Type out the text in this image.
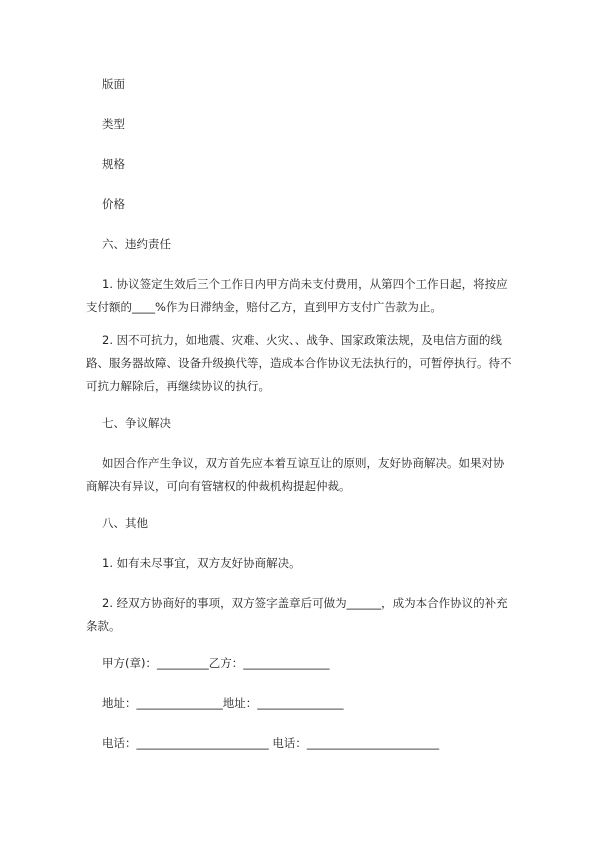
版面
类型
规格
价格
六、违约责任
1. 协议签定生效后三个工作日内甲方尚未支付费用，从第四个工作日起，将按应
支付额的____%作为日滞纳金，赔付乙方，直到甲方支付广告款为止。
2. 因不可抗力，如地震、灾难、火灾、、战争、国家政策法规，及电信方面的线
路、服务器故障、设备升级换代等，造成本合作协议无法执行的，可暂停执行。待不
可抗力解除后，再继续协议的执行。
七、争议解决
如因合作产生争议，双方首先应本着互谅互让的原则，友好协商解决。如果对协
商解决有异议，可向有管辖权的仲裁机构提起仲裁。
八、其他
1. 如有未尽事宜，双方友好协商解决。
2. 经双方协商好的事项，双方签字盖章后可做为______，成为本合作协议的补充
条款。
甲方(章)：_________乙方：_______________
地址：_______________地址：_______________
电话：_______________________ 电话：_______________________
